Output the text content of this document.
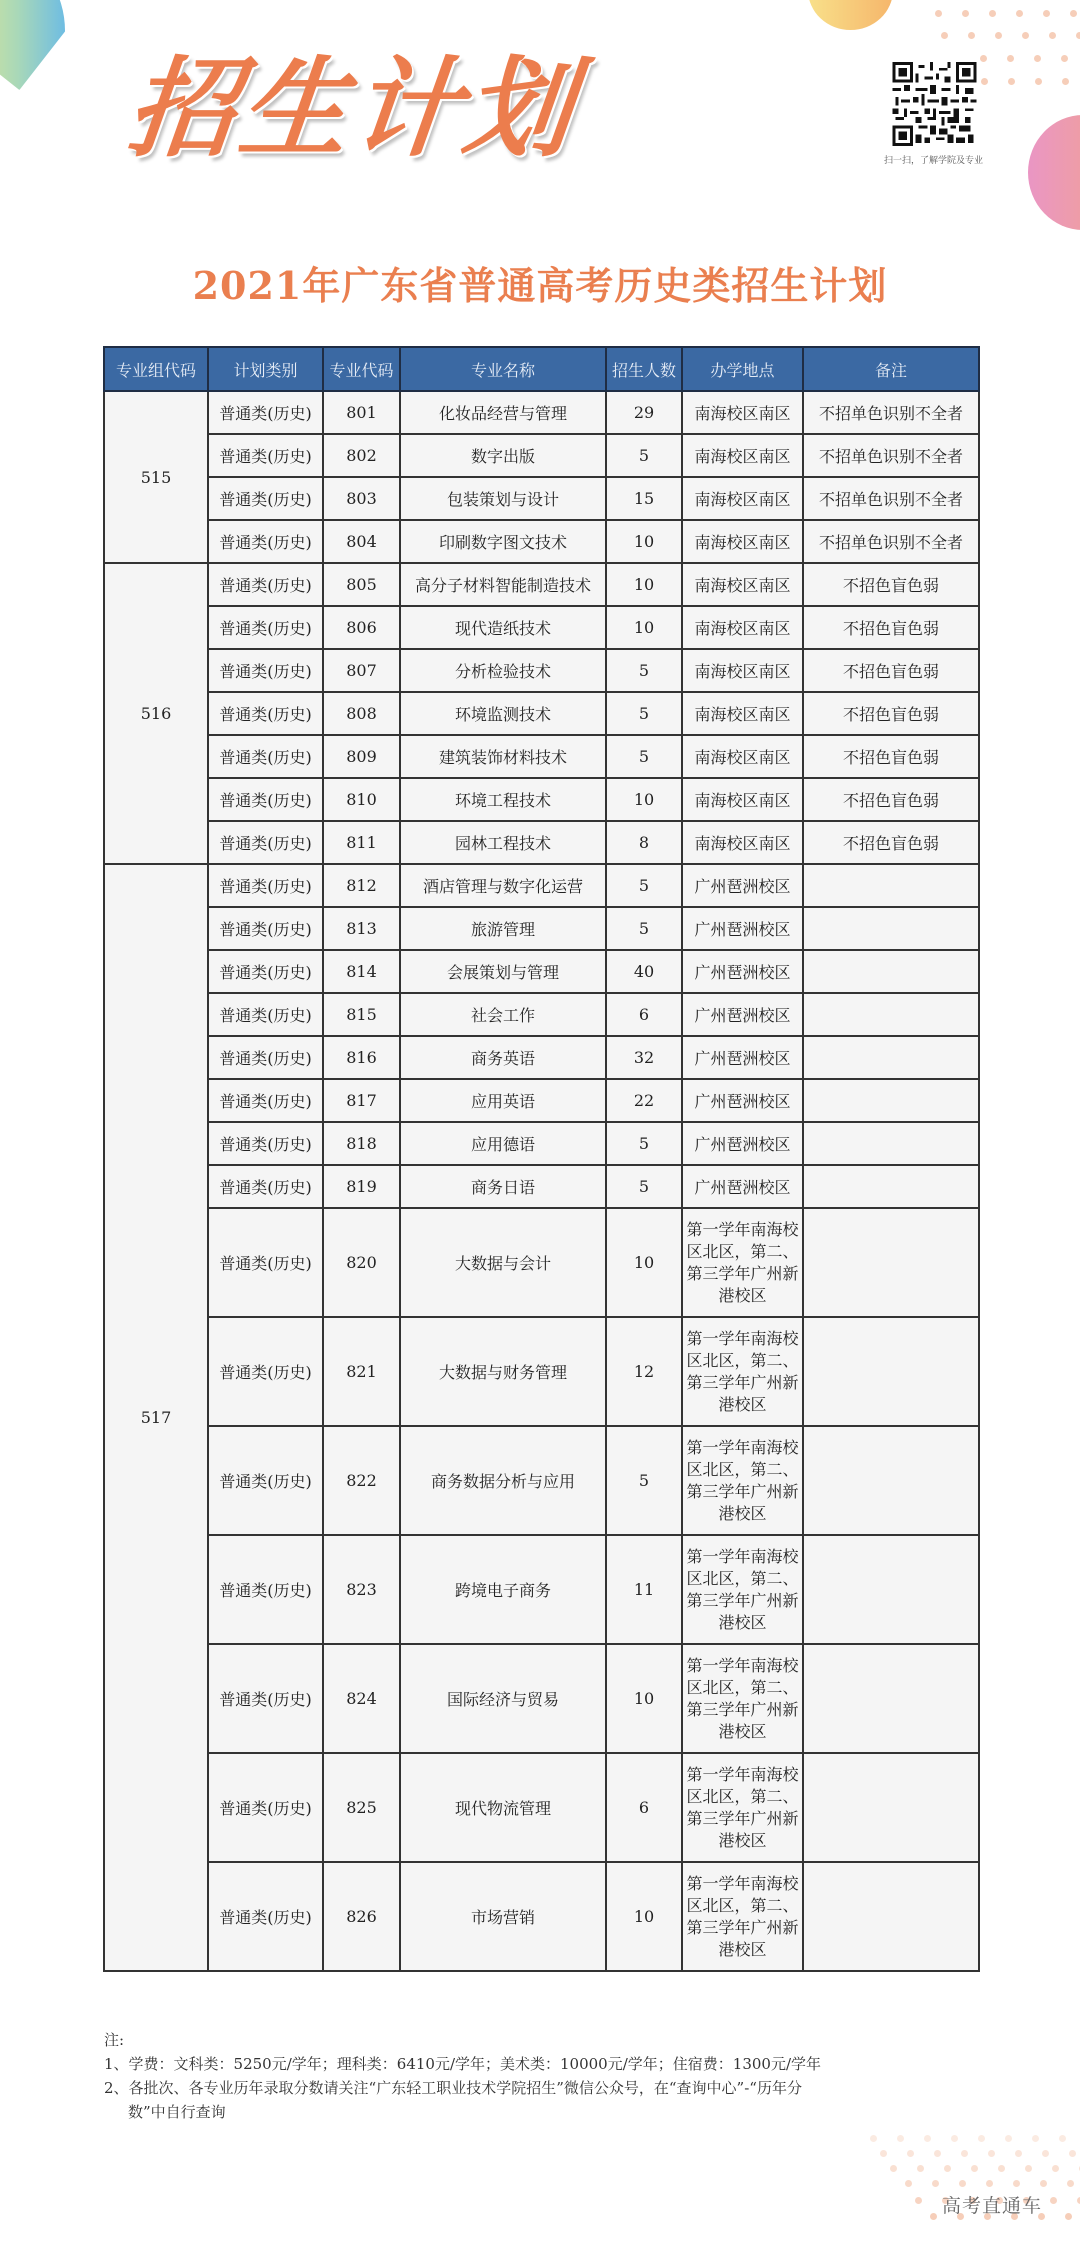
招生计划	扫一扫，了解学院及专业
2021年广东省普通高考历史类招生计划
专业组代码	计划类别	专业代码	专业名称	招生人数	办学地点	备注
515	普通类(历史)	801	化妆品经营与管理	29	南海校区南区	不招单色识别不全者
	普通类(历史)	802	数字出版	5	南海校区南区	不招单色识别不全者
	普通类(历史)	803	包装策划与设计	15	南海校区南区	不招单色识别不全者
	普通类(历史)	804	印刷数字图文技术	10	南海校区南区	不招单色识别不全者
516	普通类(历史)	805	高分子材料智能制造技术	10	南海校区南区	不招色盲色弱
	普通类(历史)	806	现代造纸技术	10	南海校区南区	不招色盲色弱
	普通类(历史)	807	分析检验技术	5	南海校区南区	不招色盲色弱
	普通类(历史)	808	环境监测技术	5	南海校区南区	不招色盲色弱
	普通类(历史)	809	建筑装饰材料技术	5	南海校区南区	不招色盲色弱
	普通类(历史)	810	环境工程技术	10	南海校区南区	不招色盲色弱
	普通类(历史)	811	园林工程技术	8	南海校区南区	不招色盲色弱
517	普通类(历史)	812	酒店管理与数字化运营	5	广州琶洲校区	
	普通类(历史)	813	旅游管理	5	广州琶洲校区	
	普通类(历史)	814	会展策划与管理	40	广州琶洲校区	
	普通类(历史)	815	社会工作	6	广州琶洲校区	
	普通类(历史)	816	商务英语	32	广州琶洲校区	
	普通类(历史)	817	应用英语	22	广州琶洲校区	
	普通类(历史)	818	应用德语	5	广州琶洲校区	
	普通类(历史)	819	商务日语	5	广州琶洲校区	
	普通类(历史)	820	大数据与会计	10	第一学年南海校区北区，第二、第三学年广州新港校区	
	普通类(历史)	821	大数据与财务管理	12	第一学年南海校区北区，第二、第三学年广州新港校区	
	普通类(历史)	822	商务数据分析与应用	5	第一学年南海校区北区，第二、第三学年广州新港校区	
	普通类(历史)	823	跨境电子商务	11	第一学年南海校区北区，第二、第三学年广州新港校区	
	普通类(历史)	824	国际经济与贸易	10	第一学年南海校区北区，第二、第三学年广州新港校区	
	普通类(历史)	825	现代物流管理	6	第一学年南海校区北区，第二、第三学年广州新港校区	
	普通类(历史)	826	市场营销	10	第一学年南海校区北区，第二、第三学年广州新港校区	
注:
1、学费：文科类：5250元/学年；理科类：6410元/学年；美术类：10000元/学年；住宿费：1300元/学年
2、各批次、各专业历年录取分数请关注“广东轻工职业技术学院招生”微信公众号，在“查询中心”-“历年分
数”中自行查询
高考直通车
